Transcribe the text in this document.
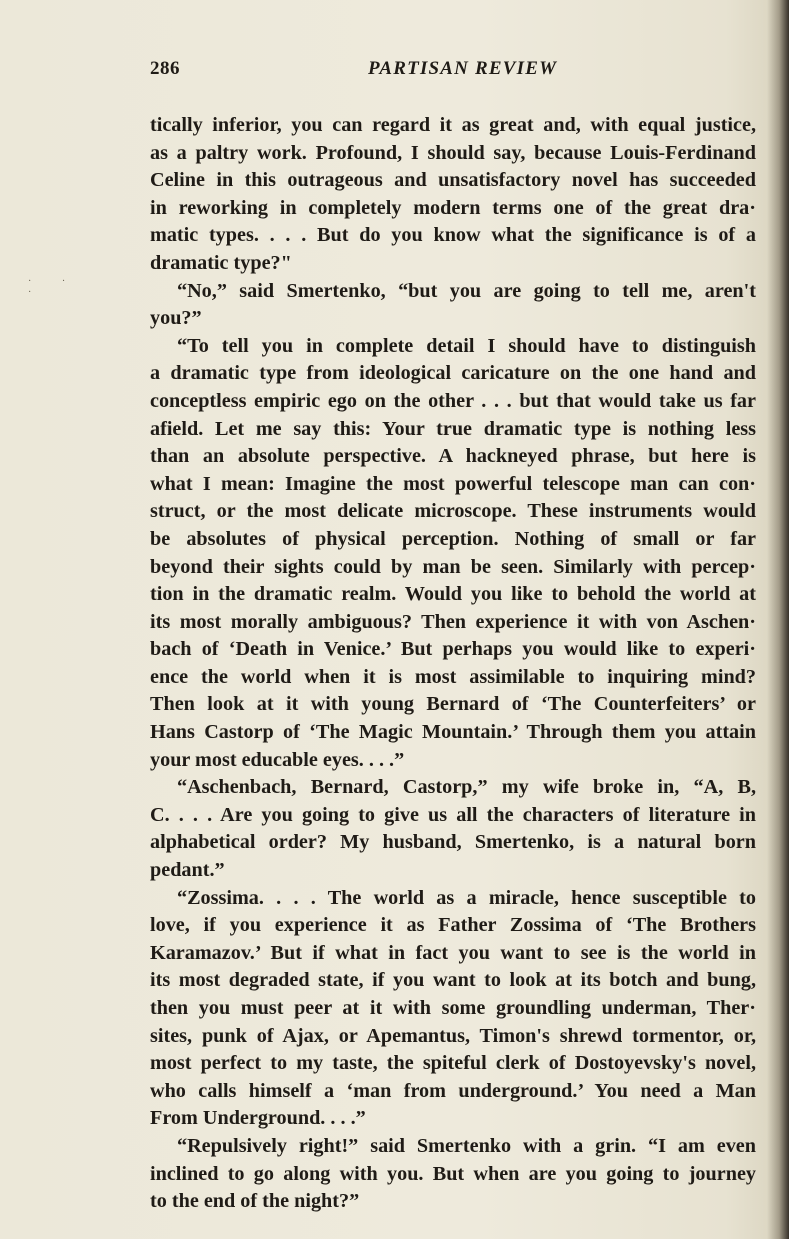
· · ·
286	PARTISAN REVIEW
tically inferior, you can regard it as great and, with equal justice,
as a paltry work. Profound, I should say, because Louis-Ferdinand
Celine in this outrageous and unsatisfactory novel has succeeded
in reworking in completely modern terms one of the great dra·
matic types. . . . But do you know what the significance is of a
dramatic type?"
“No,” said Smertenko, “but you are going to tell me, aren't
you?”
“To tell you in complete detail I should have to distinguish
a dramatic type from ideological caricature on the one hand and
conceptless empiric ego on the other . . . but that would take us far
afield. Let me say this: Your true dramatic type is nothing less
than an absolute perspective. A hackneyed phrase, but here is
what I mean: Imagine the most powerful telescope man can con·
struct, or the most delicate microscope. These instruments would
be absolutes of physical perception. Nothing of small or far
beyond their sights could by man be seen. Similarly with percep·
tion in the dramatic realm. Would you like to behold the world at
its most morally ambiguous? Then experience it with von Aschen·
bach of ‘Death in Venice.’ But perhaps you would like to experi·
ence the world when it is most assimilable to inquiring mind?
Then look at it with young Bernard of ‘The Counterfeiters’ or
Hans Castorp of ‘The Magic Mountain.’ Through them you attain
your most educable eyes. . . .”
“Aschenbach, Bernard, Castorp,” my wife broke in, “A, B,
C. . . . Are you going to give us all the characters of literature in
alphabetical order? My husband, Smertenko, is a natural born
pedant.”
“Zossima. . . . The world as a miracle, hence susceptible to
love, if you experience it as Father Zossima of ‘The Brothers
Karamazov.’ But if what in fact you want to see is the world in
its most degraded state, if you want to look at its botch and bung,
then you must peer at it with some groundling underman, Ther·
sites, punk of Ajax, or Apemantus, Timon's shrewd tormentor, or,
most perfect to my taste, the spiteful clerk of Dostoyevsky's novel,
who calls himself a ‘man from underground.’ You need a Man
From Underground. . . .”
“Repulsively right!” said Smertenko with a grin. “I am even
inclined to go along with you. But when are you going to journey
to the end of the night?”
